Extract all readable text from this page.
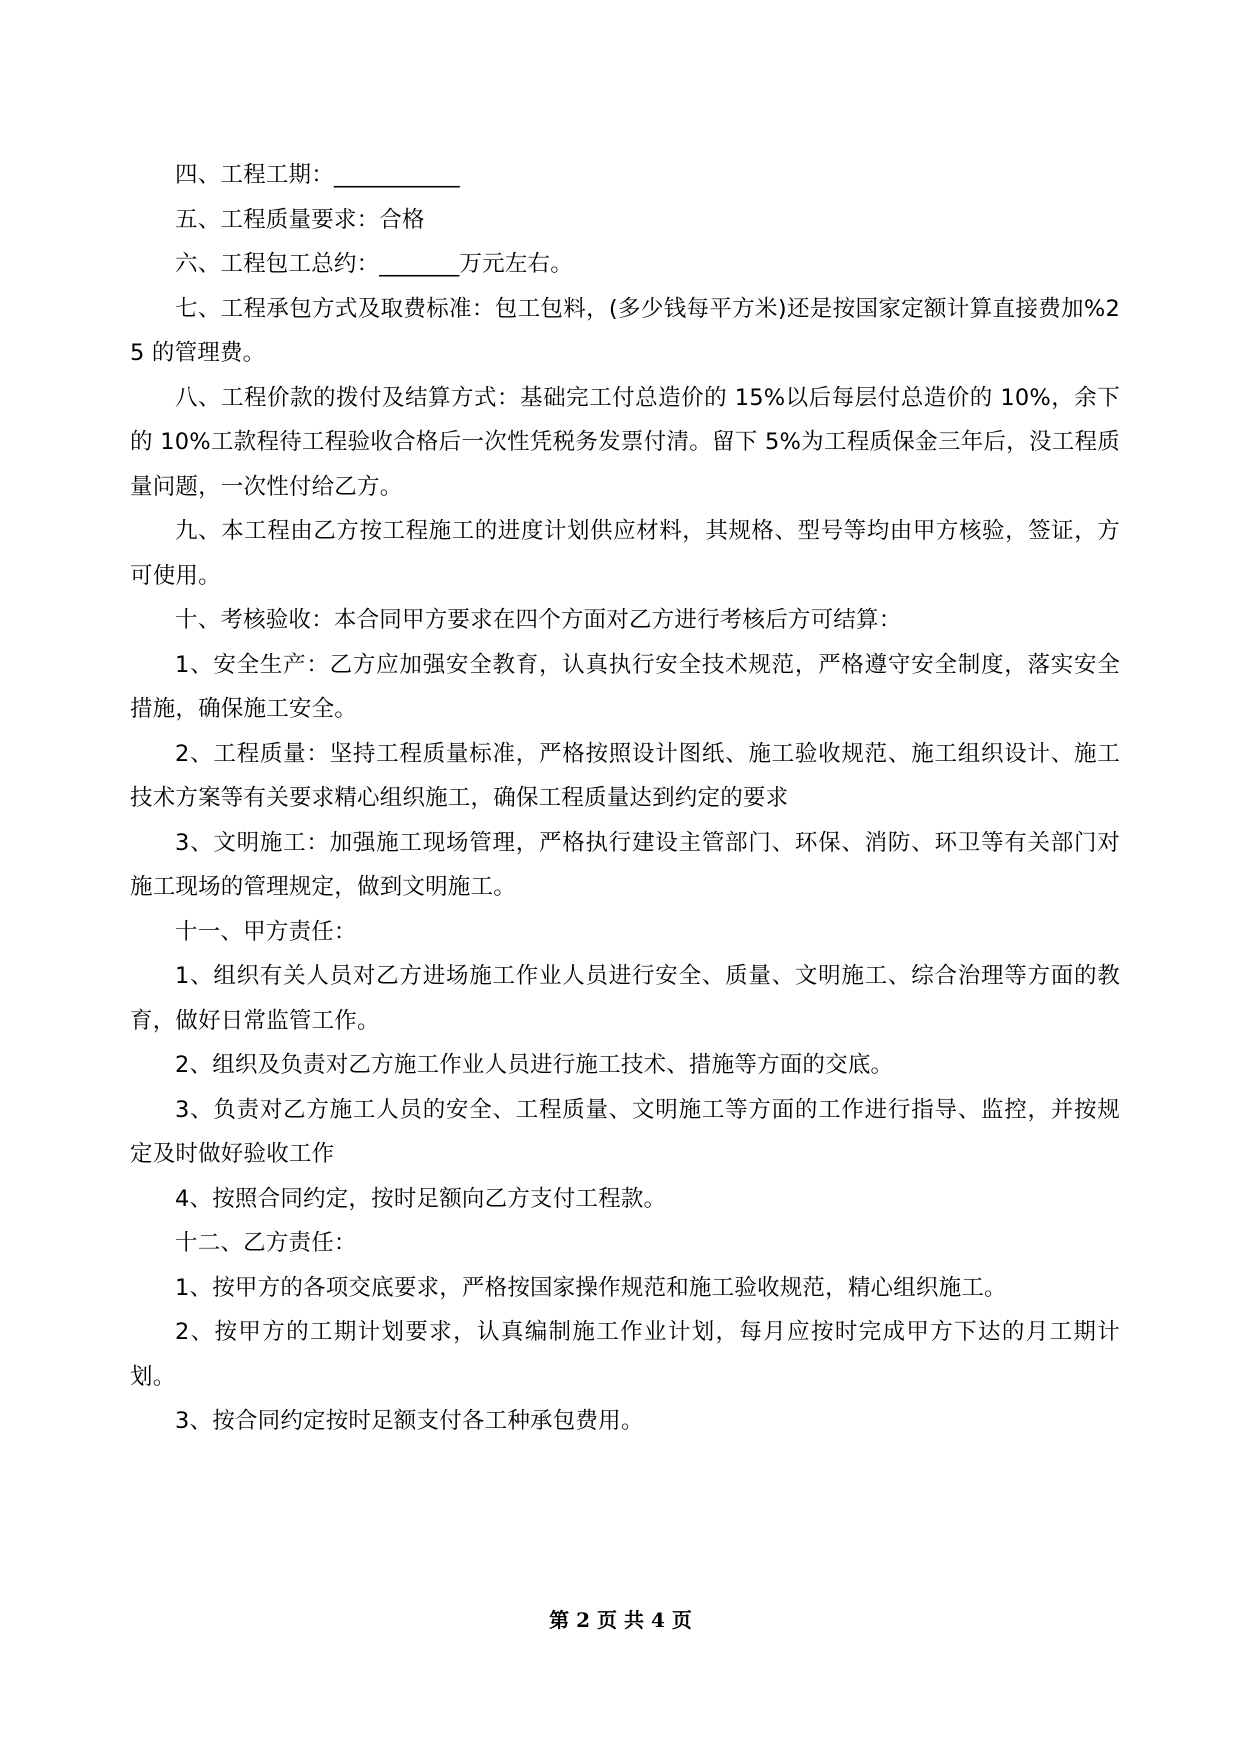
四、工程工期：___________

五、工程质量要求：合格

六、工程包工总约：_______万元左右。

七、工程承包方式及取费标准：包工包料，(多少钱每平方米)还是按国家定额计算直接费加%25 的管理费。

八、工程价款的拨付及结算方式：基础完工付总造价的 15%以后每层付总造价的 10%，余下的 10%工款程待工程验收合格后一次性凭税务发票付清。留下 5%为工程质保金三年后，没工程质量问题，一次性付给乙方。

九、本工程由乙方按工程施工的进度计划供应材料，其规格、型号等均由甲方核验，签证，方可使用。

十、考核验收：本合同甲方要求在四个方面对乙方进行考核后方可结算：

1、安全生产：乙方应加强安全教育，认真执行安全技术规范，严格遵守安全制度，落实安全措施，确保施工安全。

2、工程质量：坚持工程质量标准，严格按照设计图纸、施工验收规范、施工组织设计、施工技术方案等有关要求精心组织施工，确保工程质量达到约定的要求

3、文明施工：加强施工现场管理，严格执行建设主管部门、环保、消防、环卫等有关部门对施工现场的管理规定，做到文明施工。

十一、甲方责任：

1、组织有关人员对乙方进场施工作业人员进行安全、质量、文明施工、综合治理等方面的教育，做好日常监管工作。

2、组织及负责对乙方施工作业人员进行施工技术、措施等方面的交底。

3、负责对乙方施工人员的安全、工程质量、文明施工等方面的工作进行指导、监控，并按规定及时做好验收工作

4、按照合同约定，按时足额向乙方支付工程款。

十二、乙方责任：

1、按甲方的各项交底要求，严格按国家操作规范和施工验收规范，精心组织施工。

2、按甲方的工期计划要求，认真编制施工作业计划，每月应按时完成甲方下达的月工期计划。

3、按合同约定按时足额支付各工种承包费用。

第 2 页 共 4 页
